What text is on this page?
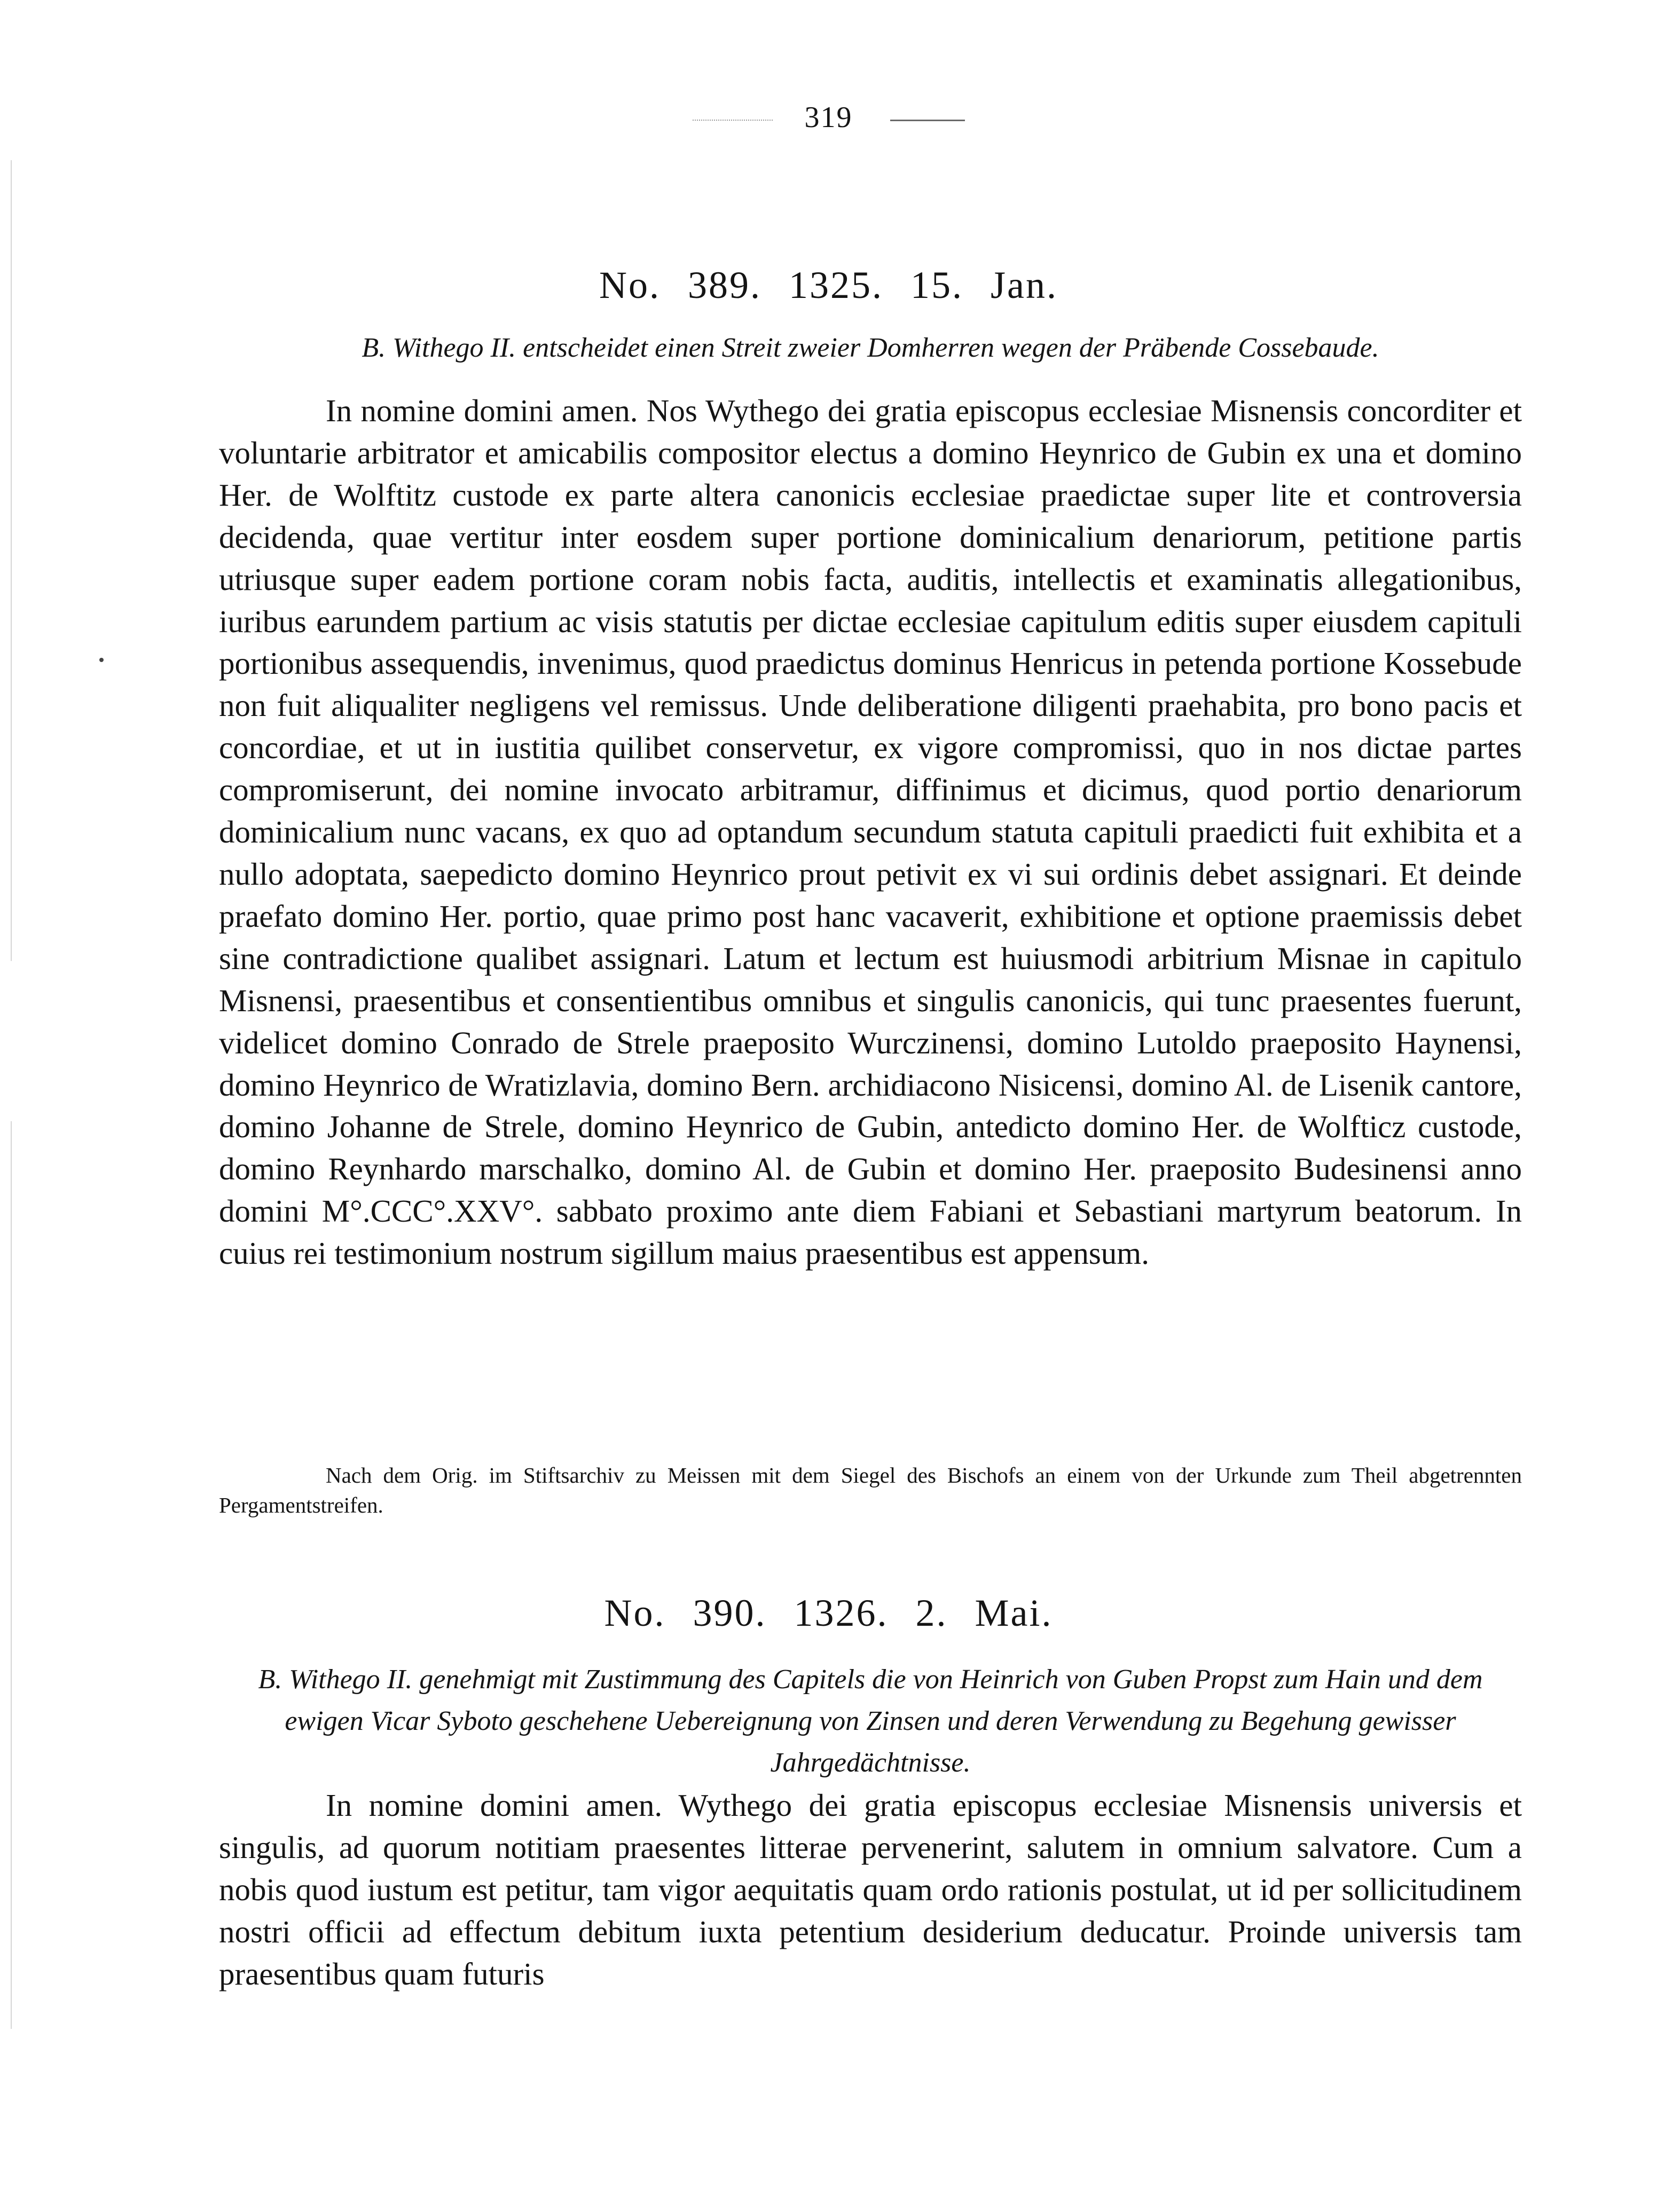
319
No. 389. 1325. 15. Jan.
B. Withego II. entscheidet einen Streit zweier Domherren wegen der Präbende Cossebaude.
In nomine domini amen. Nos Wythego dei gratia episcopus ecclesiae Misnensis concorditer et voluntarie arbitrator et amicabilis compositor electus a domino Heynrico de Gubin ex una et domino Her. de Wolftitz custode ex parte altera canonicis ecclesiae praedictae super lite et controversia decidenda, quae vertitur inter eosdem super portione dominicalium denariorum, petitione partis utriusque super eadem portione coram nobis facta, auditis, intellectis et examinatis allegationibus, iuribus earundem partium ac visis statutis per dictae ecclesiae capitulum editis super eiusdem capituli portionibus assequendis, invenimus, quod praedictus dominus Henricus in petenda portione Kossebude non fuit aliqualiter negligens vel remissus. Unde deliberatione diligenti praehabita, pro bono pacis et concordiae, et ut in iustitia quilibet conservetur, ex vigore compromissi, quo in nos dictae partes compromiserunt, dei nomine invocato arbitramur, diffinimus et dicimus, quod portio denariorum dominicalium nunc vacans, ex quo ad optandum secundum statuta capituli praedicti fuit exhibita et a nullo adoptata, saepedicto domino Heynrico prout petivit ex vi sui ordinis debet assignari. Et deinde praefato domino Her. portio, quae primo post hanc vacaverit, exhibitione et optione praemissis debet sine contradictione qualibet assignari. Latum et lectum est huiusmodi arbitrium Misnae in capitulo Misnensi, praesentibus et consentientibus omnibus et singulis canonicis, qui tunc praesentes fuerunt, videlicet domino Conrado de Strele praeposito Wurczinensi, domino Lutoldo praeposito Haynensi, domino Heynrico de Wratizlavia, domino Bern. archidiacono Nisicensi, domino Al. de Lisenik cantore, domino Johanne de Strele, domino Heynrico de Gubin, antedicto domino Her. de Wolfticz custode, domino Reynhardo marschalko, domino Al. de Gubin et domino Her. praeposito Budesinensi anno domini M°.CCC°.XXV°. sabbato proximo ante diem Fabiani et Sebastiani martyrum beatorum. In cuius rei testimonium nostrum sigillum maius praesentibus est appensum.
Nach dem Orig. im Stiftsarchiv zu Meissen mit dem Siegel des Bischofs an einem von der Urkunde zum Theil abgetrennten Pergamentstreifen.
No. 390. 1326. 2. Mai.
B. Withego II. genehmigt mit Zustimmung des Capitels die von Heinrich von Guben Propst zum Hain und dem ewigen Vicar Syboto geschehene Uebereignung von Zinsen und deren Verwendung zu Begehung gewisser Jahrgedächtnisse.
In nomine domini amen. Wythego dei gratia episcopus ecclesiae Misnensis universis et singulis, ad quorum notitiam praesentes litterae pervenerint, salutem in omnium salvatore. Cum a nobis quod iustum est petitur, tam vigor aequitatis quam ordo rationis postulat, ut id per sollicitudinem nostri officii ad effectum debitum iuxta petentium desiderium deducatur. Proinde universis tam praesentibus quam futuris
